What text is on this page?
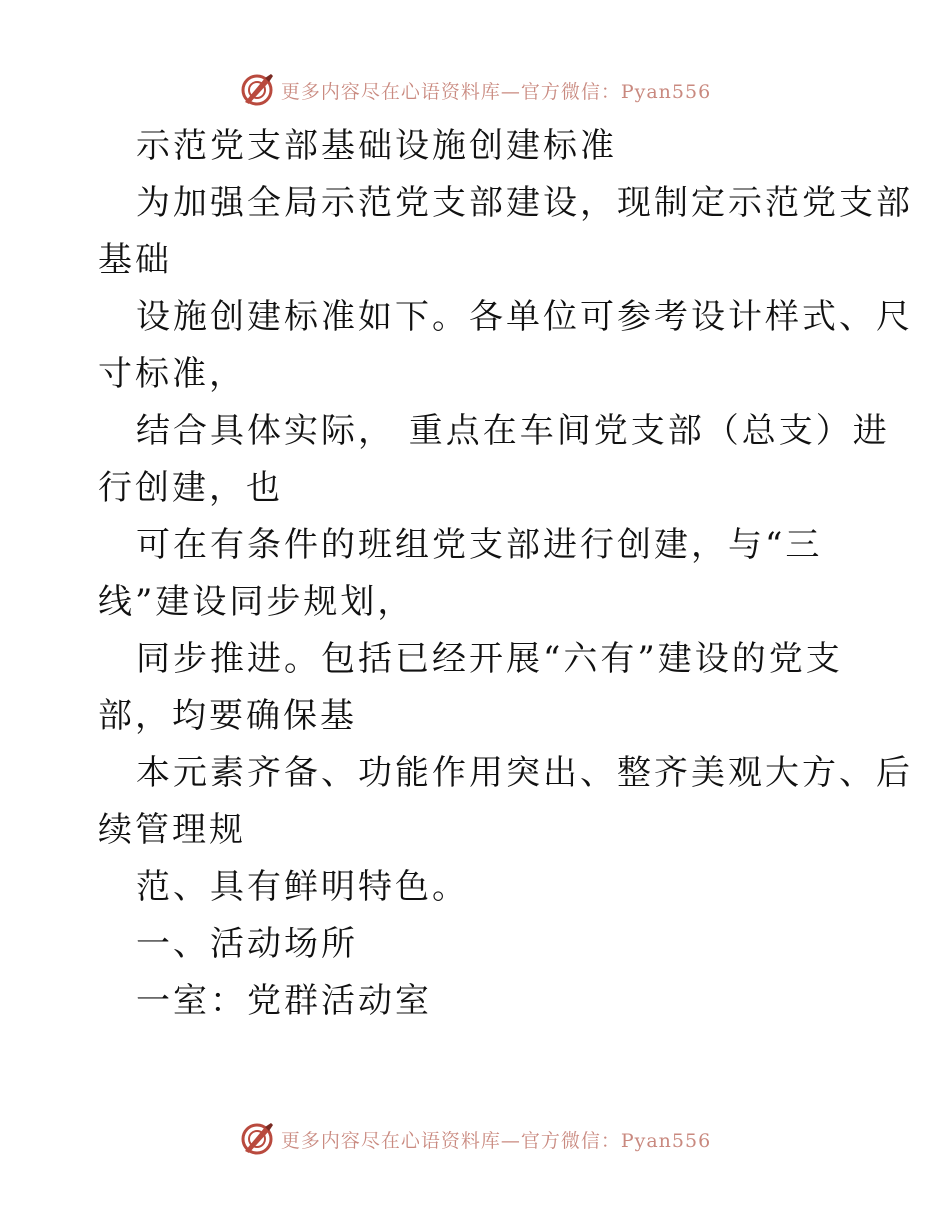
更多内容尽在心语资料库—官方微信：Pyan556
示范党支部基础设施创建标准
为加强全局示范党支部建设，现制定示范党支部
基础
设施创建标准如下。各单位可参考设计样式、尺
寸标准，
结合具体实际， 重点在车间党支部（总支）进
行创建，也
可在有条件的班组党支部进行创建，与“三
线”建设同步规划，
同步推进。包括已经开展“六有”建设的党支
部，均要确保基
本元素齐备、功能作用突出、整齐美观大方、后
续管理规
范、具有鲜明特色。
一、活动场所
一室：党群活动室
更多内容尽在心语资料库—官方微信：Pyan556
